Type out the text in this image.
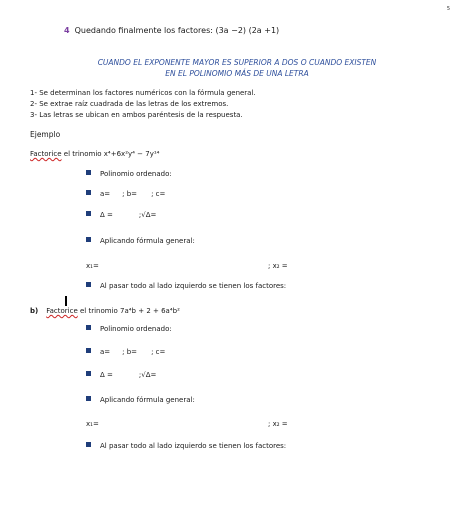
5
4 Quedando finalmente los factores: (3a −2) (2a +1)
CUANDO EL EXPONENTE MAYOR ES SUPERIOR A DOS O CUANDO EXISTEN
EN EL POLINOMIO MÁS DE UNA LETRA
1- Se determinan los factores numéricos con la fórmula general.
2- Se extrae raíz cuadrada de las letras de los extremos.
3- Las letras se ubican en ambos paréntesis de la respuesta.
Ejemplo
Factorice el trinomio x⁴+6x²y⁴ − 7y¹⁴
Polinomio ordenado:
a= ; b= ; c=
Δ =	;√Δ=
Aplicando fórmula general:
x₁=	; x₂ =
Al pasar todo al lado izquierdo se tienen los factores:
b) Factorice el trinomio 7a⁴b + 2 + 6a⁴b²
Polinomio ordenado:
a= ; b= ; c=
Δ =	;√Δ=
Aplicando fórmula general:
x₁=	; x₂ =
Al pasar todo al lado izquierdo se tienen los factores:
